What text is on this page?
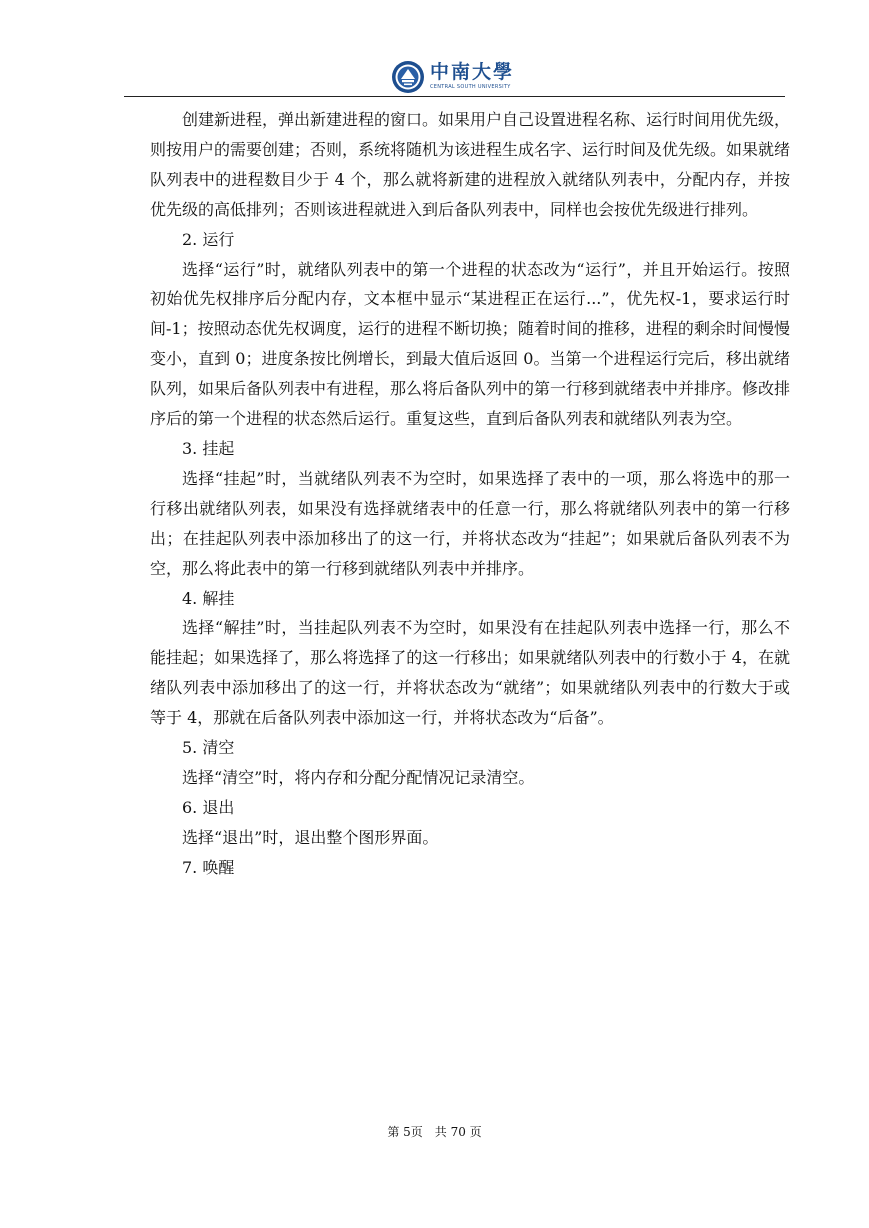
中南大學
CENTRAL SOUTH UNIVERSITY

创建新进程，弹出新建进程的窗口。如果用户自己设置进程名称、运行时间用优先级，则按用户的需要创建；否则，系统将随机为该进程生成名字、运行时间及优先级。如果就绪队列表中的进程数目少于 4 个，那么就将新建的进程放入就绪队列表中，分配内存，并按优先级的高低排列；否则该进程就进入到后备队列表中，同样也会按优先级进行排列。

2. 运行

选择“运行”时，就绪队列表中的第一个进程的状态改为“运行”，并且开始运行。按照初始优先权排序后分配内存，文本框中显示“某进程正在运行...”，优先权-1，要求运行时间-1；按照动态优先权调度，运行的进程不断切换；随着时间的推移，进程的剩余时间慢慢变小，直到 0；进度条按比例增长，到最大值后返回 0。当第一个进程运行完后，移出就绪队列，如果后备队列表中有进程，那么将后备队列中的第一行移到就绪表中并排序。修改排序后的第一个进程的状态然后运行。重复这些，直到后备队列表和就绪队列表为空。

3. 挂起

选择“挂起”时，当就绪队列表不为空时，如果选择了表中的一项，那么将选中的那一行移出就绪队列表，如果没有选择就绪表中的任意一行，那么将就绪队列表中的第一行移出；在挂起队列表中添加移出了的这一行，并将状态改为“挂起”；如果就后备队列表不为空，那么将此表中的第一行移到就绪队列表中并排序。

4. 解挂

选择“解挂”时，当挂起队列表不为空时，如果没有在挂起队列表中选择一行，那么不能挂起；如果选择了，那么将选择了的这一行移出；如果就绪队列表中的行数小于 4，在就绪队列表中添加移出了的这一行，并将状态改为“就绪”；如果就绪队列表中的行数大于或等于 4，那就在后备队列表中添加这一行，并将状态改为“后备”。

5. 清空

选择“清空”时，将内存和分配分配情况记录清空。

6. 退出

选择“退出”时，退出整个图形界面。

7. 唤醒

第 5页　共 70 页
